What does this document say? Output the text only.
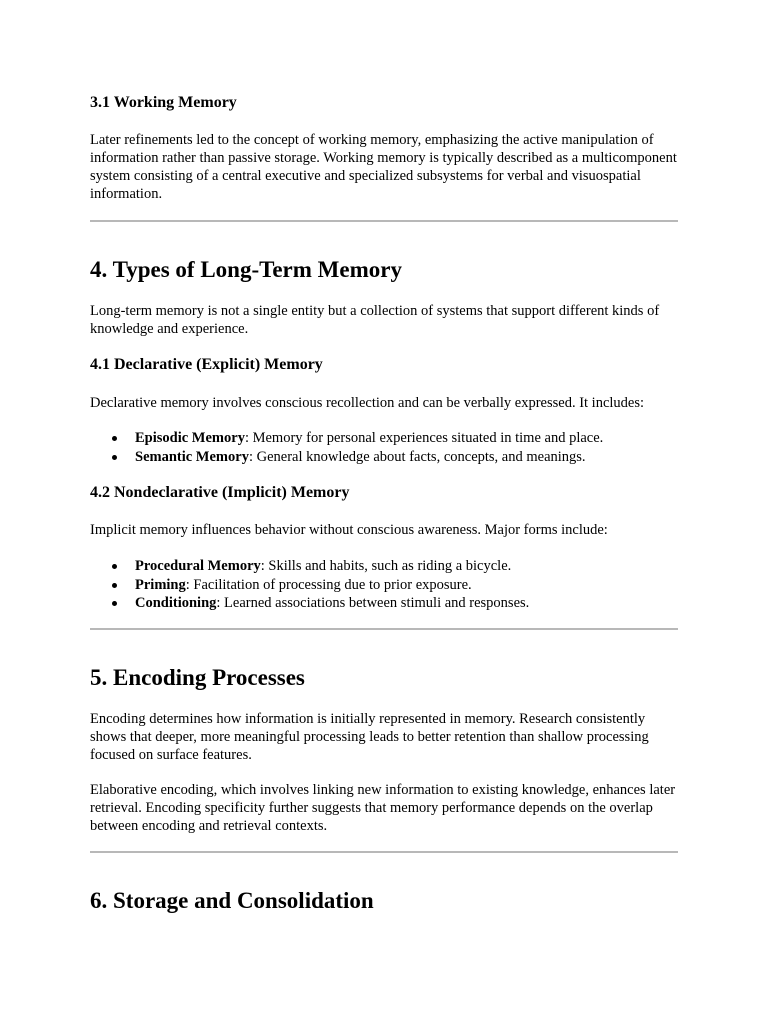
3.1 Working Memory

Later refinements led to the concept of working memory, emphasizing the active manipulation of information rather than passive storage. Working memory is typically described as a multicomponent system consisting of a central executive and specialized subsystems for verbal and visuospatial information.

4. Types of Long-Term Memory

Long-term memory is not a single entity but a collection of systems that support different kinds of knowledge and experience.

4.1 Declarative (Explicit) Memory

Declarative memory involves conscious recollection and can be verbally expressed. It includes:

Episodic Memory: Memory for personal experiences situated in time and place.
Semantic Memory: General knowledge about facts, concepts, and meanings.
4.2 Nondeclarative (Implicit) Memory

Implicit memory influences behavior without conscious awareness. Major forms include:

Procedural Memory: Skills and habits, such as riding a bicycle.
Priming: Facilitation of processing due to prior exposure.
Conditioning: Learned associations between stimuli and responses.
5. Encoding Processes

Encoding determines how information is initially represented in memory. Research consistently shows that deeper, more meaningful processing leads to better retention than shallow processing focused on surface features.

Elaborative encoding, which involves linking new information to existing knowledge, enhances later retrieval. Encoding specificity further suggests that memory performance depends on the overlap between encoding and retrieval contexts.

6. Storage and Consolidation
